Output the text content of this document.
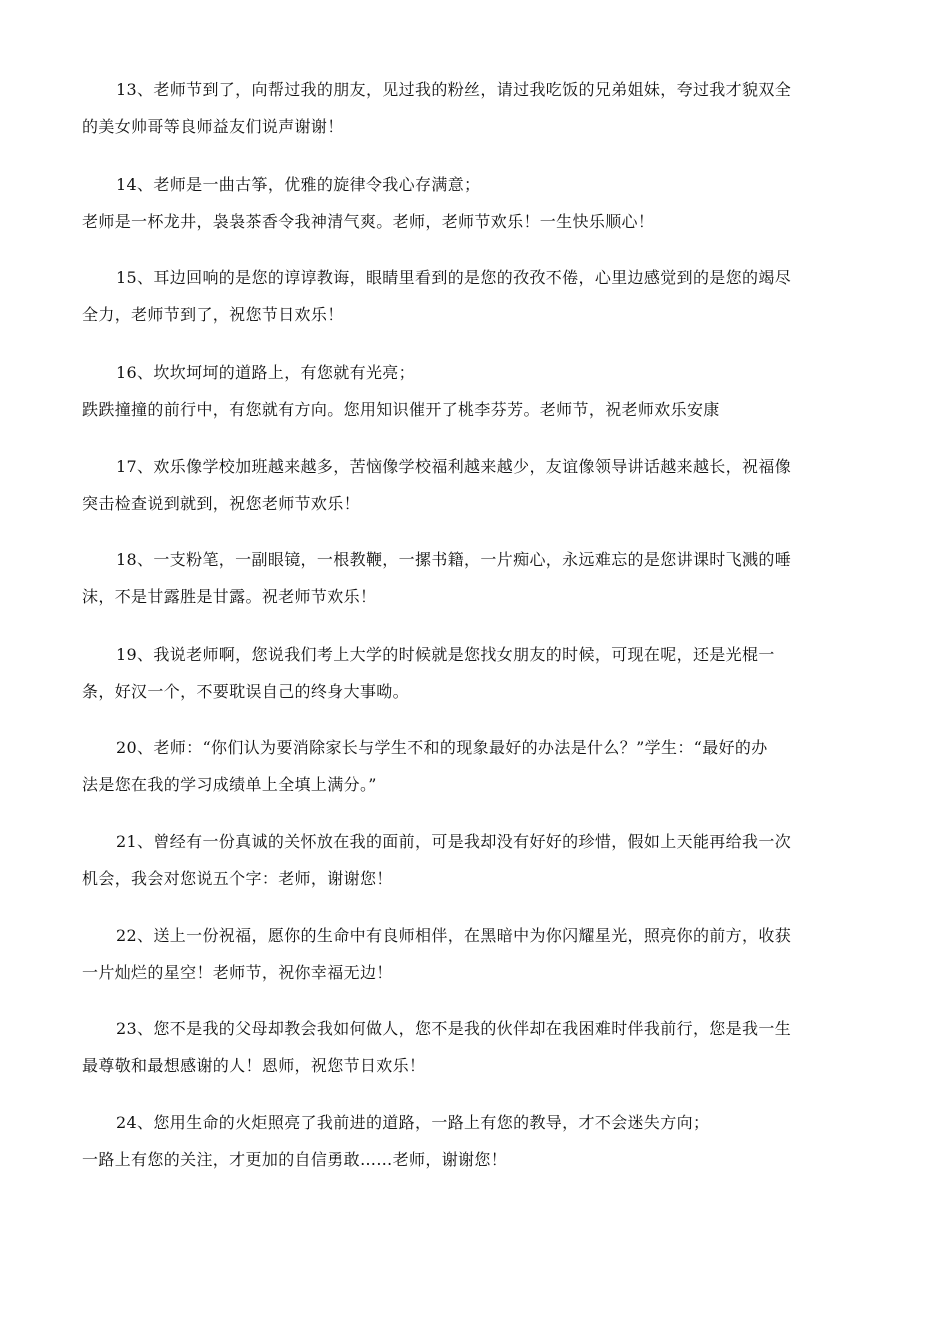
13、老师节到了，向帮过我的朋友，见过我的粉丝，请过我吃饭的兄弟姐妹，夸过我才貌双全
的美女帅哥等良师益友们说声谢谢！
14、老师是一曲古筝，优雅的旋律令我心存满意；
老师是一杯龙井，袅袅茶香令我神清气爽。老师，老师节欢乐！一生快乐顺心！
15、耳边回响的是您的谆谆教诲，眼睛里看到的是您的孜孜不倦，心里边感觉到的是您的竭尽
全力，老师节到了，祝您节日欢乐！
16、坎坎坷坷的道路上，有您就有光亮；
跌跌撞撞的前行中，有您就有方向。您用知识催开了桃李芬芳。老师节，祝老师欢乐安康
17、欢乐像学校加班越来越多，苦恼像学校福利越来越少，友谊像领导讲话越来越长，祝福像
突击检查说到就到，祝您老师节欢乐！
18、一支粉笔，一副眼镜，一根教鞭，一摞书籍，一片痴心，永远难忘的是您讲课时飞溅的唾
沫，不是甘露胜是甘露。祝老师节欢乐！
19、我说老师啊，您说我们考上大学的时候就是您找女朋友的时候，可现在呢，还是光棍一
条，好汉一个，不要耽误自己的终身大事呦。
20、老师：“你们认为要消除家长与学生不和的现象最好的办法是什么？”学生：“最好的办
法是您在我的学习成绩单上全填上满分。”
21、曾经有一份真诚的关怀放在我的面前，可是我却没有好好的珍惜，假如上天能再给我一次
机会，我会对您说五个字：老师，谢谢您！
22、送上一份祝福，愿你的生命中有良师相伴，在黑暗中为你闪耀星光，照亮你的前方，收获
一片灿烂的星空！老师节，祝你幸福无边！
23、您不是我的父母却教会我如何做人，您不是我的伙伴却在我困难时伴我前行，您是我一生
最尊敬和最想感谢的人！恩师，祝您节日欢乐！
24、您用生命的火炬照亮了我前进的道路，一路上有您的教导，才不会迷失方向；
一路上有您的关注，才更加的自信勇敢……老师，谢谢您！
